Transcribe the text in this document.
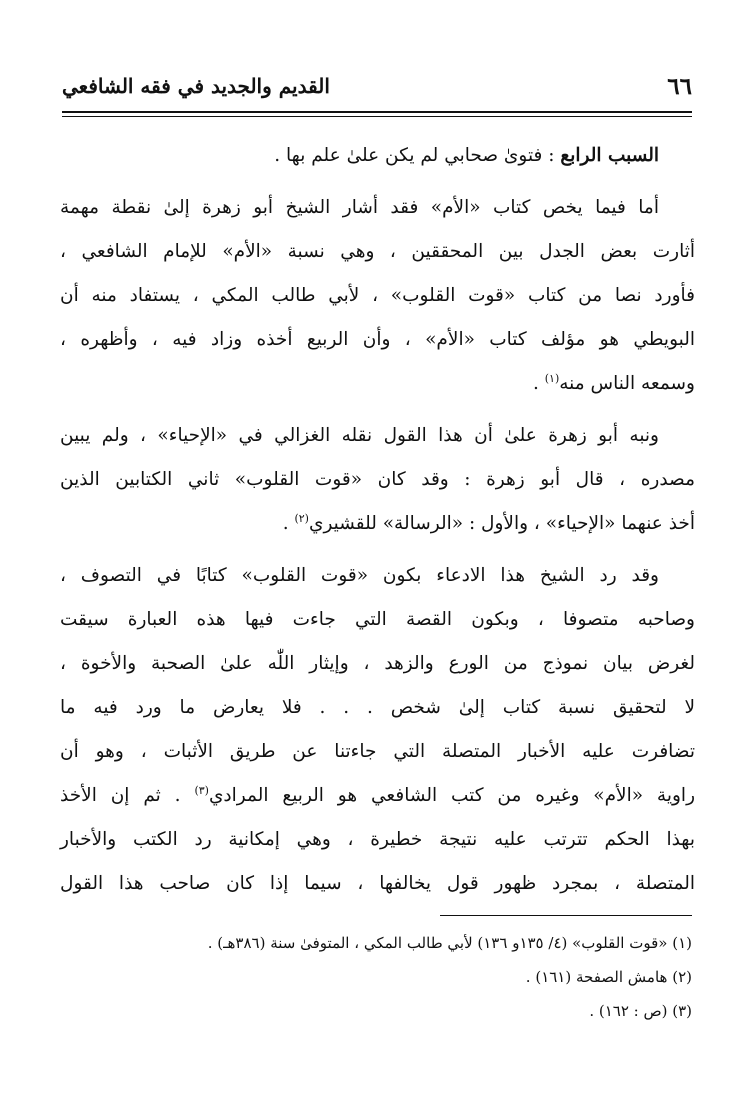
٦٦
القديم والجديد في فقه الشافعي
السبب الرابع : فتوىٰ صحابي لم يكن علىٰ علم بها .
أما فيما يخص كتاب «الأم» فقد أشار الشيخ أبو زهرة إلىٰ نقطة مهمة
أثارت بعض الجدل بين المحققين ، وهي نسبة «الأم» للإمام الشافعي ،
فأورد نصا من كتاب «قوت القلوب» ، لأبي طالب المكي ، يستفاد منه أن
البويطي هو مؤلف كتاب «الأم» ، وأن الربيع أخذه وزاد فيه ، وأظهره ،
وسمعه الناس منه$^{(١)}$ .
ونبه أبو زهرة علىٰ أن هذا القول نقله الغزالي في «الإحياء» ، ولم يبين
مصدره ، قال أبو زهرة : وقد كان «قوت القلوب» ثاني الكتابين الذين
أخذ عنهما «الإحياء» ، والأول : «الرسالة» للقشيري$^{(٢)}$ .
وقد رد الشيخ هذا الادعاء بكون «قوت القلوب» كتابًا في التصوف ،
وصاحبه متصوفا ، وبكون القصة التي جاءت فيها هذه العبارة سيقت
لغرض بيان نموذج من الورع والزهد ، وإيثار اللّٰه علىٰ الصحبة والأخوة ،
لا لتحقيق نسبة كتاب إلىٰ شخص . . . فلا يعارض ما ورد فيه ما
تضافرت عليه الأخبار المتصلة التي جاءتنا عن طريق الأثبات ، وهو أن
راوية «الأم» وغيره من كتب الشافعي هو الربيع المرادي$^{(٣)}$ . ثم إن الأخذ
بهذا الحكم تترتب عليه نتيجة خطيرة ، وهي إمكانية رد الكتب والأخبار
المتصلة ، بمجرد ظهور قول يخالفها ، سيما إذا كان صاحب هذا القول
(١) «قوت القلوب» (٤/ ١٣٥و ١٣٦) لأبي طالب المكي ، المتوفىٰ سنة (٣٨٦هـ) .
(٢) هامش الصفحة (١٦١) .
(٣) (ص : ١٦٢) .
